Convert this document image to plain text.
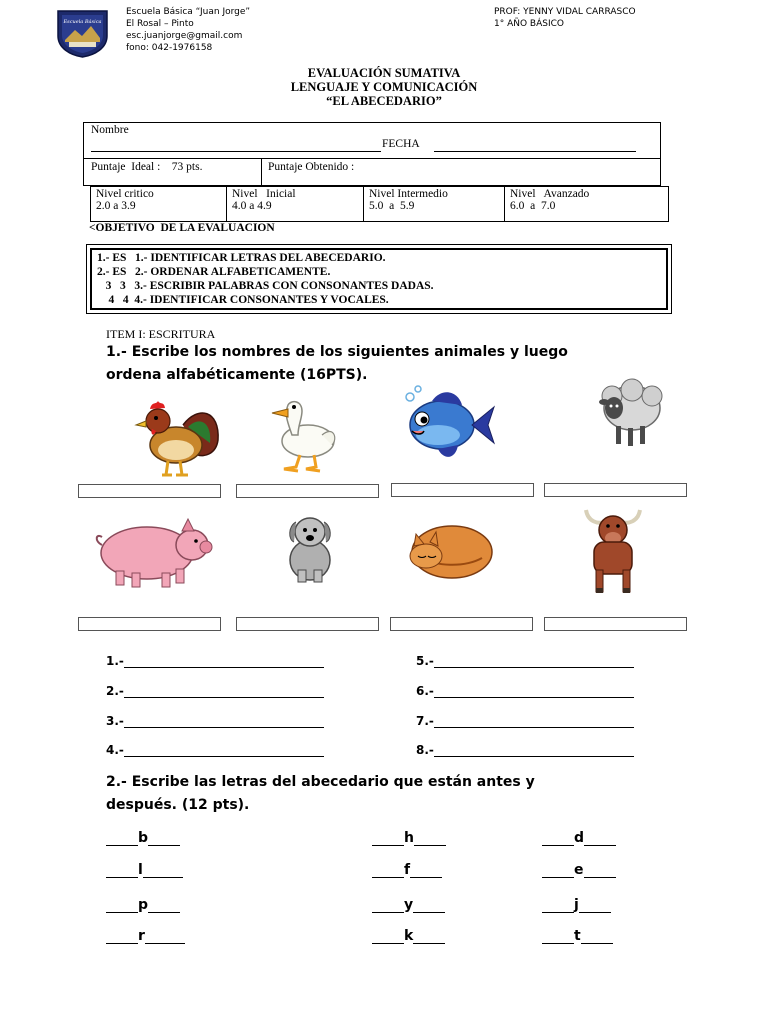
Escuela Básica
Escuela Básica “Juan Jorge”
El Rosal – Pinto
esc.juanjorge@gmail.com
fono: 042-1976158
PROF: YENNY VIDAL CARRASCO
1° AÑO BÁSICO
EVALUACIÓN SUMATIVA
LENGUAJE Y COMUNICACIÓN
“EL ABECEDARIO”
Nombre
FECHA
Puntaje  Ideal :    73 pts.	Puntaje Obtenido :
Nivel critico
2.0 a 3.9

Nivel   Inicial
4.0 a 4.9

Nivel Intermedio
5.0  a  5.9

Nivel   Avanzado
6.0  a  7.0
<OBJETIVO  DE LA EVALUACION
1.- ES   1.- IDENTIFICAR LETRAS DEL ABECEDARIO.
2.- ES   2.- ORDENAR ALFABETICAMENTE.
3   3   3.- ESCRIBIR PALABRAS CON CONSONANTES DADAS.
4   4  4.- IDENTIFICAR CONSONANTES Y VOCALES.
ITEM I: ESCRITURA
1.- Escribe los nombres de los siguientes animales y luego
ordena alfabéticamente (16PTS).
1.-
2.-
3.-
4.-
5.-
6.-
7.-
8.-
2.- Escribe las letras del abecedario que están antes y
después. (12 pts).
b	h	d
l	f	e
p	y	j
r	k	t
